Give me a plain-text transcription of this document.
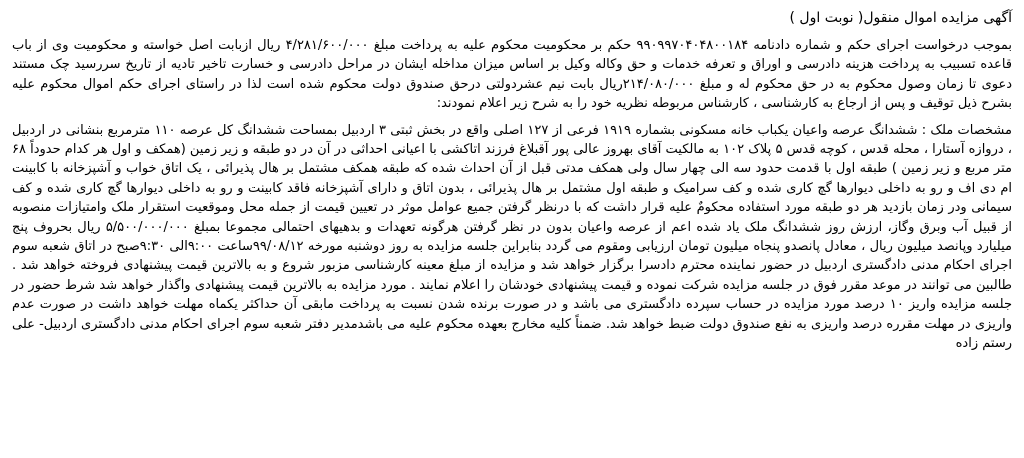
آگهی مزایده اموال منقول( نوبت اول )

بموجب درخواست اجرای حکم و شماره دادنامه ۹۹۰۹۹۷۰۴۰۴۸۰۰۱۸۴ حکم بر محکومیت محکوم علیه به پرداخت مبلغ ۴/۲۸۱/۶۰۰/۰۰۰ ریال ازبابت اصل خواسته و محکومیت وی از باب قاعده تسبیب به پرداخت هزینه دادرسی و اوراق و تعرفه خدمات و حق وکاله وکیل بر اساس میزان مداخله ایشان در مراحل دادرسی و خسارت تاخیر تادیه از تاریخ سررسید چک مستند دعوی تا زمان وصول محکوم به در حق محکوم له و مبلغ ۲۱۴/۰۸۰/۰۰۰ریال بابت نیم عشردولتی درحق صندوق دولت محکوم شده است لذا در راستای اجرای حکم اموال محکوم علیه بشرح ذیل توقیف و پس از ارجاع به کارشناسی ، کارشناس مربوطه نظریه خود را به شرح زیر اعلام نمودند:

مشخصات ملک : ششدانگ عرصه واعیان یکباب خانه مسکونی بشماره ۱۹۱۹ فرعی از ۱۲۷ اصلی واقع در بخش ثبتی ۳ اردبیل بمساحت ششدانگ کل عرصه ۱۱۰ مترمربع بنشانی در اردبیل ، دروازه آستارا ، محله قدس ، کوچه قدس ۵ پلاک ۱۰۲ به مالکیت آقای بهروز عالی پور آقبلاغ فرزند اتاکشی با اعیانی احداثی در آن در دو طبقه و زیر زمین (همکف و اول هر کدام حدوداً ۶۸ متر مربع و زیر زمین ) طبقه اول با قدمت حدود سه الی چهار سال ولی همکف مدتی قبل از آن احداث شده که طبقه همکف مشتمل بر هال پذیرائی ، یک اتاق خواب و آشپزخانه با کابینت ام دی اف و رو به داخلی دیوارها گچ کاری شده و کف سرامیک و طبقه اول مشتمل بر هال پذیرائی ، بدون اتاق و دارای آشپزخانه فاقد کابینت و رو به داخلی دیوارها گچ کاری شده و کف سیمانی ودر زمان بازدید هر دو طبقه مورد استفاده محکومٌ علیه قرار داشت که با درنظر گرفتن جمیع عوامل موثر در تعیین قیمت از جمله محل وموقعیت استقرار ملک وامتیازات منصوبه از قبیل آب وبرق وگاز، ارزش روز ششدانگ ملک یاد شده اعم از عرصه واعیان بدون در نظر گرفتن هرگونه تعهدات و بدهیهای احتمالی مجموعا بمبلغ ۵/۵۰۰/۰۰۰/۰۰۰ ریال بحروف پنج میلیارد وپانصد میلیون ریال ، معادل پانصدو پنجاه میلیون تومان ارزیابی ومقوم می گردد بنابراین جلسه مزایده به روز دوشنبه مورخه ۹۹/۰۸/۱۲ساعت ۹:۰۰الی ۹:۳۰صبح در اتاق شعبه سوم اجرای احکام مدنی دادگستری اردبیل در حضور نماینده محترم دادسرا برگزار خواهد شد و مزایده از مبلغ معینه کارشناسی مزبور شروع و به بالاترین قیمت پیشنهادی فروخته خواهد شد . طالبین می توانند در موعد مقرر فوق در جلسه مزایده شرکت نموده و قیمت پیشنهادی خودشان را اعلام نمایند . مورد مزایده به بالاترین قیمت پیشنهادی واگذار خواهد شد شرط حضور در جلسه مزایده واریز ۱۰ درصد مورد مزایده در حساب سپرده دادگستری می باشد و در صورت برنده شدن نسبت به پرداخت مابقی آن حداکثر یکماه مهلت خواهد داشت در صورت عدم واریزی در مهلت مقرره درصد واریزی به نفع صندوق دولت ضبط خواهد شد. ضمناً کلیه مخارج بعهده محکوم علیه می باشدمدیر دفتر شعبه سوم اجرای احکام مدنی دادگستری اردبیل- علی رستم زاده
